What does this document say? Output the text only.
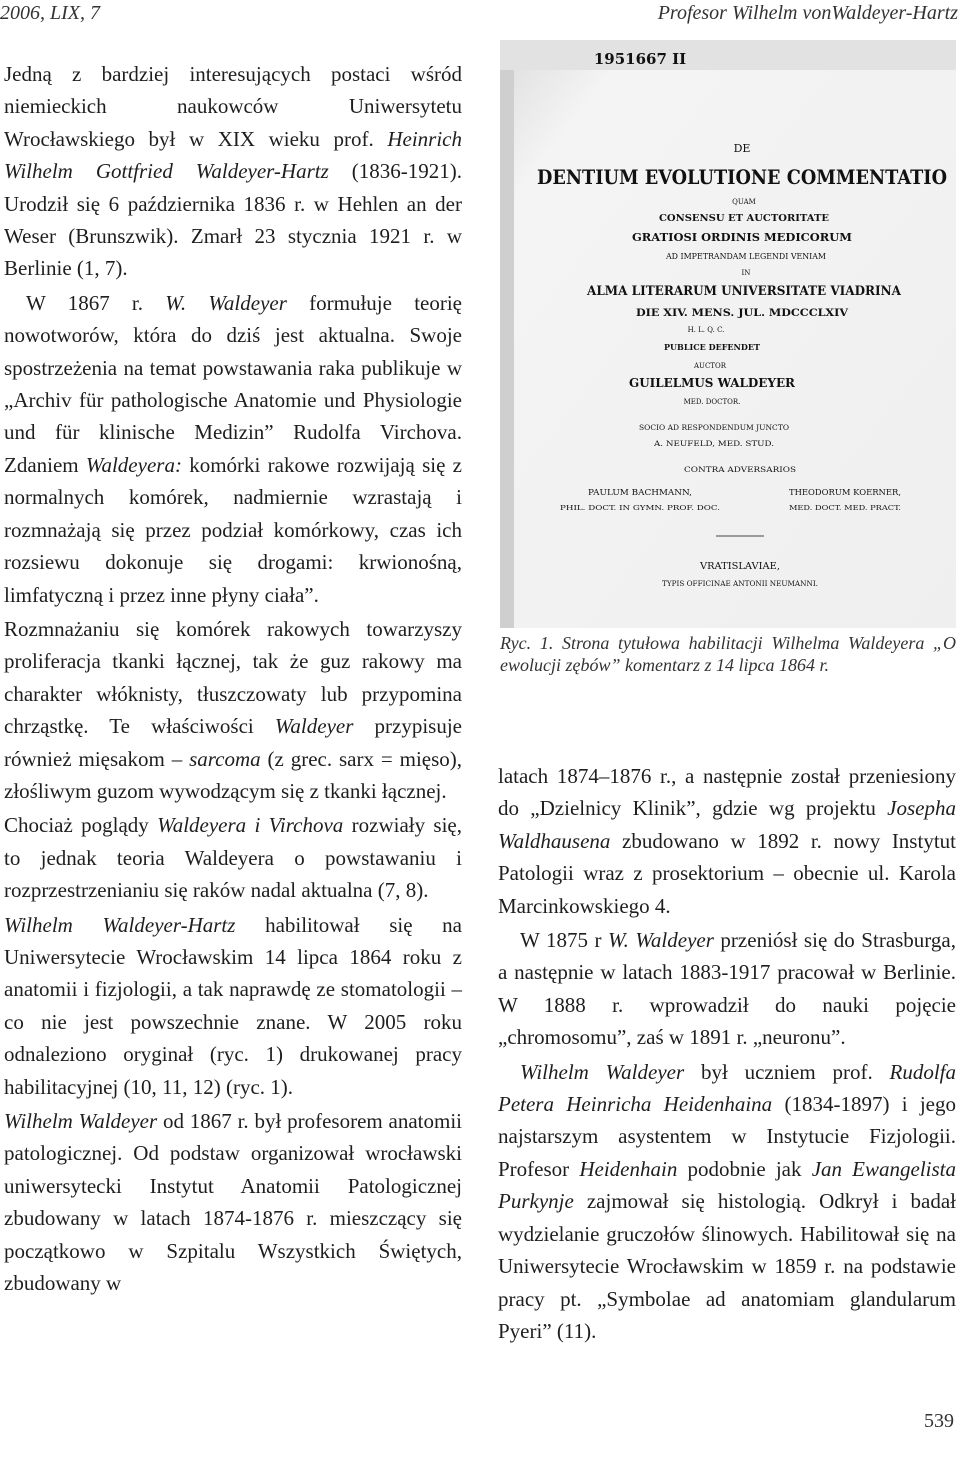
2006, LIX, 7	Profesor Wilhelm vonWaldeyer-Hartz

Jedną z bardziej interesujących postaci wśród niemieckich naukowców Uniwersytetu Wrocławskiego był w XIX wieku prof. Heinrich Wilhelm Gottfried Waldeyer-Hartz (1836-1921). Urodził się 6 października 1836 r. w Hehlen an der Weser (Brunszwik). Zmarł 23 stycznia 1921 r. w Berlinie (1, 7).

W 1867 r. W. Waldeyer formułuje teorię nowotworów, która do dziś jest aktualna. Swoje spostrzeżenia na temat powstawania raka publikuje w „Archiv für pathologische Anatomie und Physiologie und für klinische Medizin” Rudolfa Virchova. Zdaniem Waldeyera: komórki rakowe rozwijają się z normalnych komórek, nadmiernie wzrastają i rozmnażają się przez podział komórkowy, czas ich rozsiewu dokonuje się drogami: krwionośną, limfatyczną i przez inne płyny ciała”.

Rozmnażaniu się komórek rakowych towarzyszy proliferacja tkanki łącznej, tak że guz rakowy ma charakter włóknisty, tłuszczowaty lub przypomina chrząstkę. Te właściwości Waldeyer przypisuje również mięsakom – sarcoma (z grec. sarx = mięso), złośliwym guzom wywodzącym się z tkanki łącznej.

Chociaż poglądy Waldeyera i Virchova rozwiały się, to jednak teoria Waldeyera o powstawaniu i rozprzestrzenianiu się raków nadal aktualna (7, 8).

Wilhelm Waldeyer-Hartz habilitował się na Uniwersytecie Wrocławskim 14 lipca 1864 roku z anatomii i fizjologii, a tak naprawdę ze stomatologii – co nie jest powszechnie znane. W 2005 roku odnaleziono oryginał (ryc. 1) drukowanej pracy habilitacyjnej (10, 11, 12) (ryc. 1).

Wilhelm Waldeyer od 1867 r. był profesorem anatomii patologicznej. Od podstaw organizował wrocławski uniwersytecki Instytut Anatomii Patologicznej zbudowany w latach 1874-1876 r. mieszczący się początkowo w Szpitalu Wszystkich Świętych, zbudowany w

1951667 II
DE
DENTIUM EVOLUTIONE COMMENTATIO
QUAM
CONSENSU ET AUCTORITATE
GRATIOSI ORDINIS MEDICORUM
AD IMPETRANDAM LEGENDI VENIAM
IN
ALMA LITERARUM UNIVERSITATE VIADRINA
DIE XIV. MENS. JUL. MDCCCLXIV
H. L. Q. C.
PUBLICE DEFENDET
AUCTOR
GUILELMUS WALDEYER
MED. DOCTOR.
SOCIO AD RESPONDENDUM JUNCTO
A. NEUFELD, MED. STUD.
CONTRA ADVERSARIOS
PAULUM BACHMANN,
PHIL. DOCT. IN GYMN. PROF. DOC.
THEODORUM KOERNER,
MED. DOCT. MED. PRACT.
VRATISLAVIAE,
TYPIS OFFICINAE ANTONII NEUMANNI.
Ryc. 1. Strona tytułowa habilitacji Wilhelma Waldeyera „O ewolucji zębów” komentarz z 14 lipca 1864 r.

latach 1874–1876 r., a następnie został przeniesiony do „Dzielnicy Klinik”, gdzie wg projektu Josepha Waldhausena zbudowano w 1892 r. nowy Instytut Patologii wraz z prosektorium – obecnie ul. Karola Marcinkowskiego 4.

W 1875 r W. Waldeyer przeniósł się do Strasburga, a następnie w latach 1883-1917 pracował w Berlinie. W 1888 r. wprowadził do nauki pojęcie „chromosomu”, zaś w 1891 r. „neuronu”.

Wilhelm Waldeyer był uczniem prof. Rudolfa Petera Heinricha Heidenhaina (1834-1897) i jego najstarszym asystentem w Instytucie Fizjologii. Profesor Heidenhain podobnie jak Jan Ewangelista Purkynje zajmował się histologią. Odkrył i badał wydzielanie gruczołów ślinowych. Habilitował się na Uniwersytecie Wrocławskim w 1859 r. na podstawie pracy pt. „Symbolae ad anatomiam glandularum Pyeri” (11).

539
